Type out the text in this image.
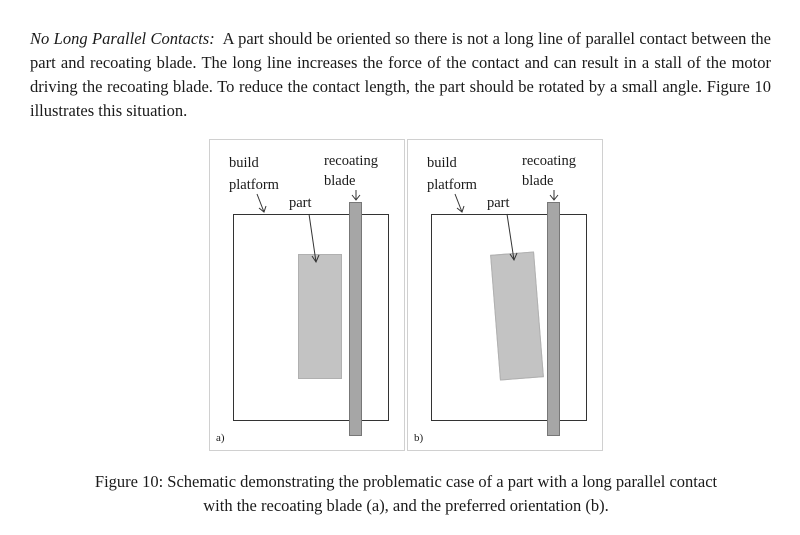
No Long Parallel Contacts: A part should be oriented so there is not a long line of parallel contact between the part and recoating blade. The long line increases the force of the contact and can result in a stall of the motor driving the recoating blade. To reduce the contact length, the part should be rotated by a small angle. Figure 10 illustrates this situation.
build
platform
recoating
blade
part
a)
build
platform
recoating
blade
part
b)
Figure 10: Schematic demonstrating the problematic case of a part with a long parallel contact
with the recoating blade (a), and the preferred orientation (b).
